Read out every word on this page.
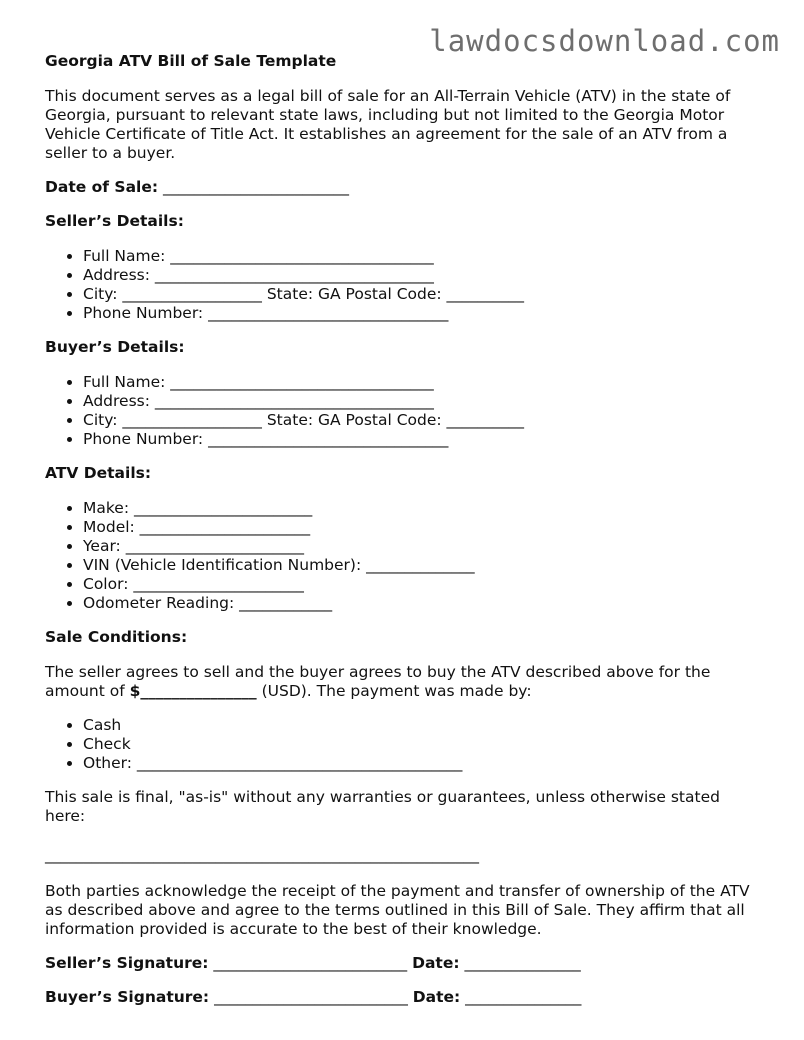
lawdocsdownload.com
Georgia ATV Bill of Sale Template

This document serves as a legal bill of sale for an All-Terrain Vehicle (ATV) in the state of Georgia, pursuant to relevant state laws, including but not limited to the Georgia Motor Vehicle Certificate of Title Act. It establishes an agreement for the sale of an ATV from a seller to a buyer.

Date of Sale: ________________________

Seller’s Details:
• Full Name: __________________________________
• Address: ____________________________________
• City: __________________ State: GA Postal Code: __________
• Phone Number: _______________________________
Buyer’s Details:
• Full Name: __________________________________
• Address: ____________________________________
• City: __________________ State: GA Postal Code: __________
• Phone Number: _______________________________
ATV Details:
• Make: _______________________
• Model: ______________________
• Year: _______________________
• VIN (Vehicle Identification Number): ______________
• Color: ______________________
• Odometer Reading: ____________
Sale Conditions:

The seller agrees to sell and the buyer agrees to buy the ATV described above for the amount of $_______________ (USD). The payment was made by:

• Cash
• Check
• Other: __________________________________________

This sale is final, "as-is" without any warranties or guarantees, unless otherwise stated here:

________________________________________________________

Both parties acknowledge the receipt of the payment and transfer of ownership of the ATV as described above and agree to the terms outlined in this Bill of Sale. They affirm that all information provided is accurate to the best of their knowledge.

Seller’s Signature: _________________________ Date: _______________

Buyer’s Signature: _________________________ Date: _______________
